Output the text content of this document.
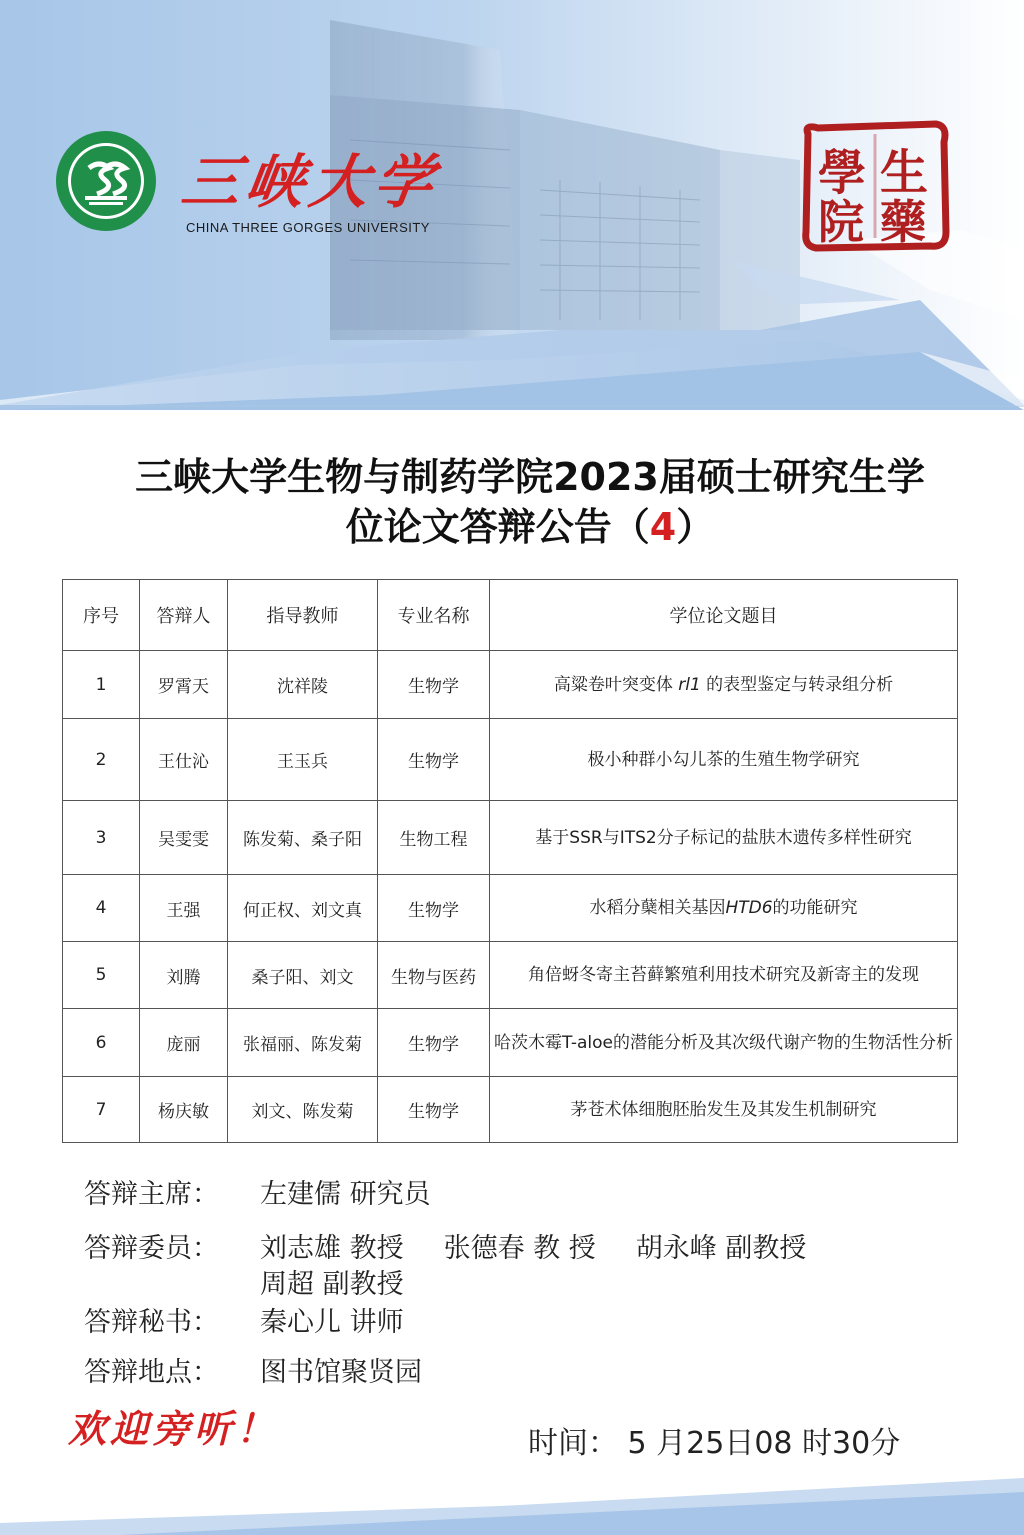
三峡大学
CHINA THREE GORGES UNIVERSITY
生
藥
學
院
三峡大学生物与制药学院2023届硕士研究生学
位论文答辩公告（4）
序号	答辩人	指导教师	专业名称	学位论文题目
1	罗霄天	沈祥陵	生物学	高粱卷叶突变体 rl1 的表型鉴定与转录组分析
2	王仕沁	王玉兵	生物学	极小种群小勾儿茶的生殖生物学研究
3	吴雯雯	陈发菊、桑子阳	生物工程	基于SSR与ITS2分子标记的盐肤木遗传多样性研究
4	王强	何正权、刘文真	生物学	水稻分蘖相关基因HTD6的功能研究
5	刘腾	桑子阳、刘文	生物与医药	角倍蚜冬寄主苔藓繁殖利用技术研究及新寄主的发现
6	庞丽	张福丽、陈发菊	生物学	哈茨木霉T-aloe的潜能分析及其次级代谢产物的生物活性分析
7	杨庆敏	刘文、陈发菊	生物学	茅苍术体细胞胚胎发生及其发生机制研究
答辩主席： 左建儒 研究员
答辩委员： 刘志雄 教授 张德春 教 授 胡永峰 副教授
周超 副教授
答辩秘书： 秦心儿 讲师
答辩地点： 图书馆聚贤园
欢迎旁听！	时间： 5 月25日08 时30分
